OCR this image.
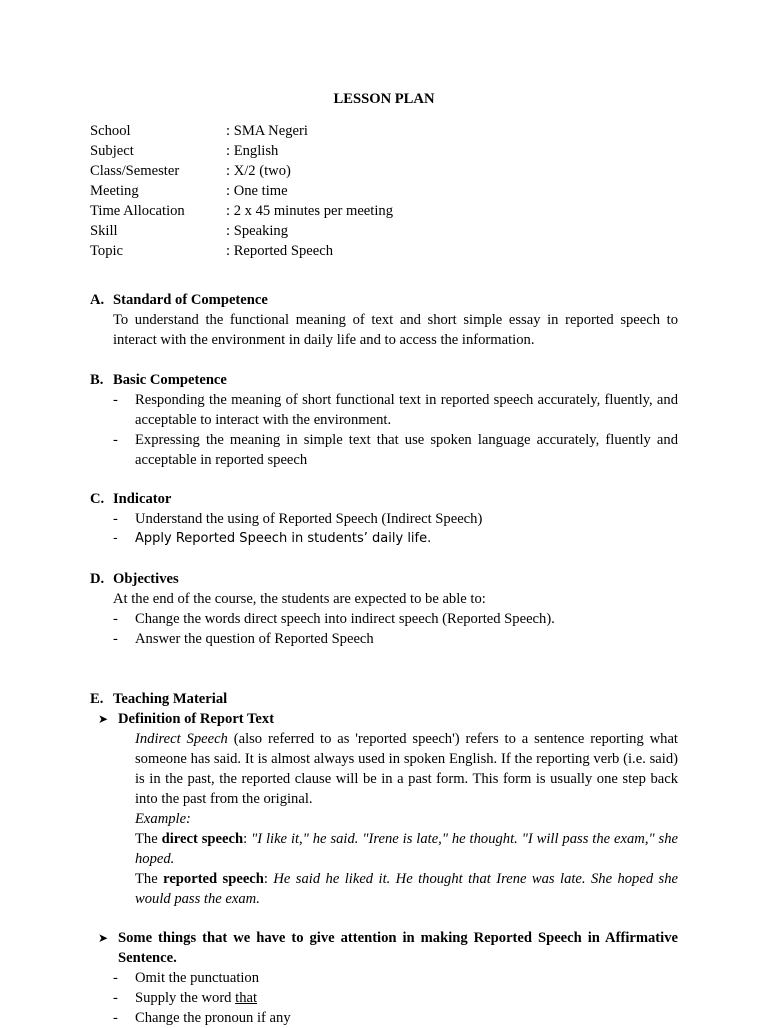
LESSON PLAN
School	: SMA Negeri
Subject	: English
Class/Semester	: X/2 (two)
Meeting	: One time
Time Allocation	: 2 x 45 minutes per meeting
Skill	: Speaking
Topic	: Reported Speech
A. Standard of Competence
To understand the functional meaning of text and short simple essay in reported speech to interact with the environment in daily life and to access the information.
B. Basic Competence
- Responding the meaning of short functional text in reported speech accurately, fluently, and acceptable to interact with the environment.
- Expressing the meaning in simple text that use spoken language accurately, fluently and acceptable in reported speech
C. Indicator
- Understand the using of Reported Speech (Indirect Speech)
- Apply Reported Speech in students’ daily life.
D. Objectives
At the end of the course, the students are expected to be able to:
- Change the words direct speech into indirect speech (Reported Speech).
- Answer the question of Reported Speech
E. Teaching Material
➤ Definition of Report Text
Indirect Speech (also referred to as 'reported speech') refers to a sentence reporting what someone has said. It is almost always used in spoken English. If the reporting verb (i.e. said) is in the past, the reported clause will be in a past form. This form is usually one step back into the past from the original.
Example:
The direct speech: "I like it," he said. "Irene is late," he thought. "I will pass the exam," she hoped.
The reported speech: He said he liked it. He thought that Irene was late. She hoped she would pass the exam.
➤ Some things that we have to give attention in making Reported Speech in Affirmative Sentence.
- Omit the punctuation
- Supply the word that
- Change the pronoun if any
